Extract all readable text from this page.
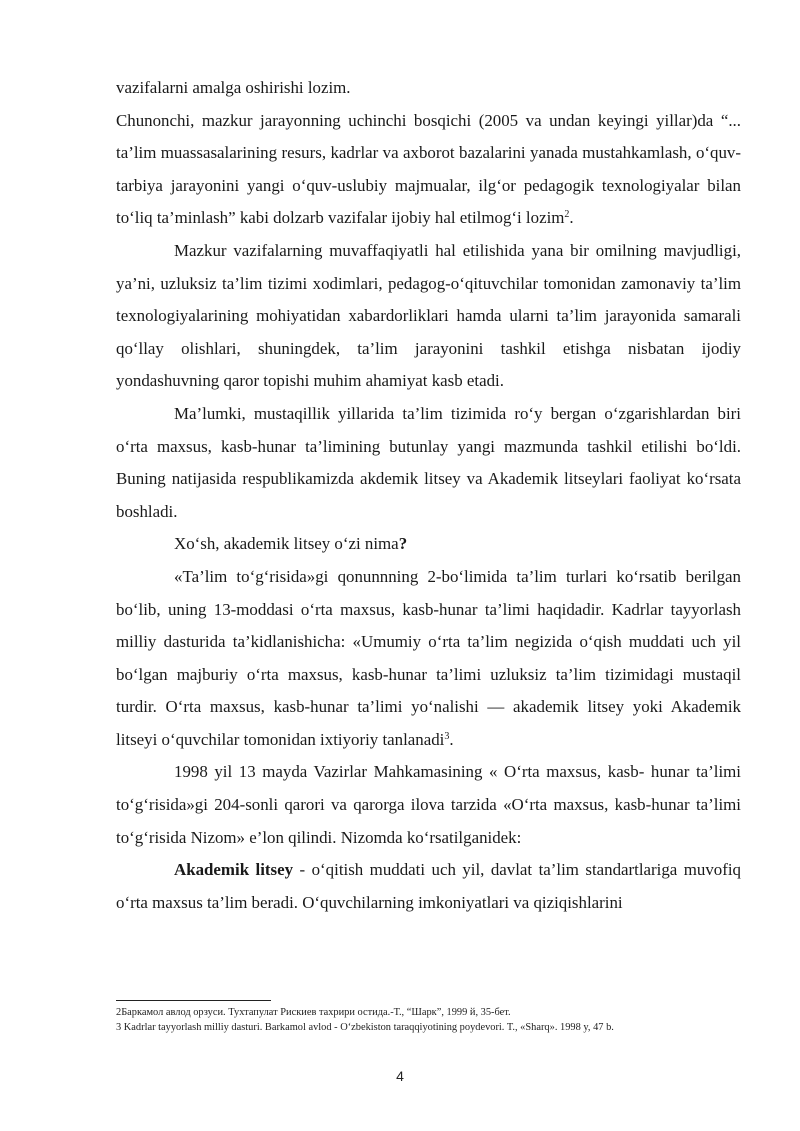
vazifalarni amalga oshirishi lozim.

Chunonchi, mazkur jarayonning uchinchi bosqichi (2005 va undan keyingi yillar)da “... ta’lim muassasalarining resurs, kadrlar va axborot bazalarini yanada mustahkamlash, o‘quv-tarbiya jarayonini yangi o‘quv-uslubiy majmualar, ilg‘or pedagogik texnologiyalar bilan to‘liq ta’minlash” kabi dolzarb vazifalar ijobiy hal etilmog‘i lozim$^2$.

Mazkur vazifalarning muvaffaqiyatli hal etilishida yana bir omilning mavjudligi, ya’ni, uzluksiz ta’lim tizimi xodimlari, pedagog-o‘qituvchilar tomonidan zamonaviy ta’lim texnologiyalarining mohiyatidan xabardorliklari hamda ularni ta’lim jarayonida samarali qo‘llay olishlari, shuningdek, ta’lim jarayonini tashkil etishga nisbatan ijodiy yondashuvning qaror topishi muhim ahamiyat kasb etadi.

Ma’lumki, mustaqillik yillarida ta’lim tizimida ro‘y bergan o‘zgarishlardan biri o‘rta maxsus, kasb-hunar ta’limining butunlay yangi mazmunda tashkil etilishi bo‘ldi. Buning natijasida respublikamizda akdemik litsey va Akademik litseylari faoliyat ko‘rsata boshladi.

Xo‘sh, akademik litsey o‘zi nima?

«Ta’lim to‘g‘risida»gi qonunnning 2-bo‘limida ta’lim turlari ko‘rsatib berilgan bo‘lib, uning 13-moddasi o‘rta maxsus, kasb-hunar ta’limi haqidadir. Kadrlar tayyorlash milliy dasturida ta’kidlanishicha: «Umumiy o‘rta ta’lim negizida o‘qish muddati uch yil bo‘lgan majburiy o‘rta maxsus, kasb-hunar ta’limi uzluksiz ta’lim tizimidagi mustaqil turdir. O‘rta maxsus, kasb-hunar ta’limi yo‘nalishi — akademik litsey yoki Akademik litseyi o‘quvchilar tomonidan ixtiyoriy tanlanadi$^3$.

1998 yil 13 mayda Vazirlar Mahkamasining « O‘rta maxsus, kasb- hunar ta’limi to‘g‘risida»gi 204-sonli qarori va qarorga ilova tarzida «O‘rta maxsus, kasb-hunar ta’limi to‘g‘risida Nizom» e’lon qilindi. Nizomda ko‘rsatilganidek:

Akademik litsey - o‘qitish muddati uch yil, davlat ta’lim standartlariga muvofiq o‘rta maxsus ta’lim beradi. O‘quvchilarning imkoniyatlari va qiziqishlarini

2Баркамол авлод орзуси. Тухтапулат Рискиев тахрири остида.-Т., “Шарк”, 1999 й, 35-бет.

3 Kadrlar tayyorlash milliy dasturi. Barkamol avlod - O‘zbekiston taraqqiyotining poydevori. T., «Sharq». 1998 y, 47 b.

4
